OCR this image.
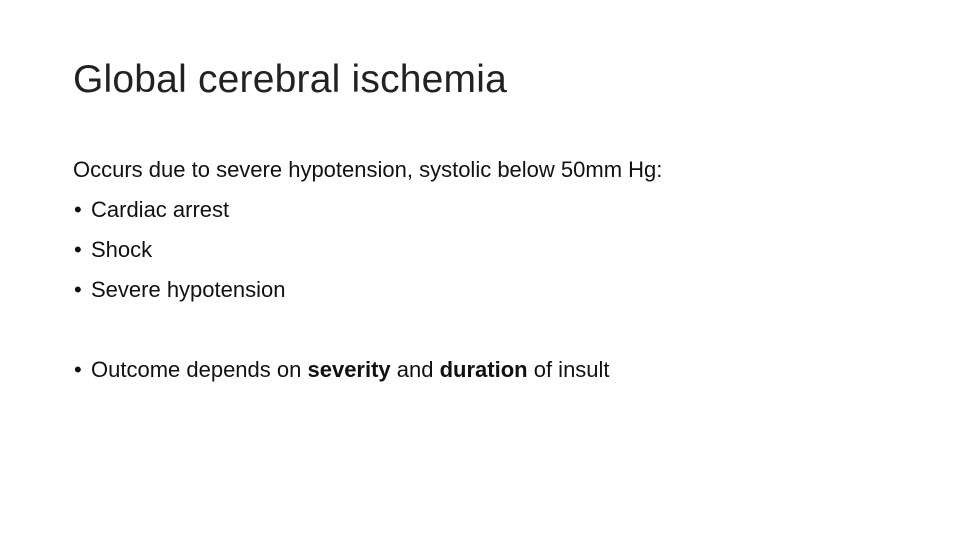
Global cerebral ischemia
Occurs due to severe hypotension, systolic below 50mm Hg:
• Cardiac arrest
• Shock
• Severe hypotension
• Outcome depends on severity and duration of insult
